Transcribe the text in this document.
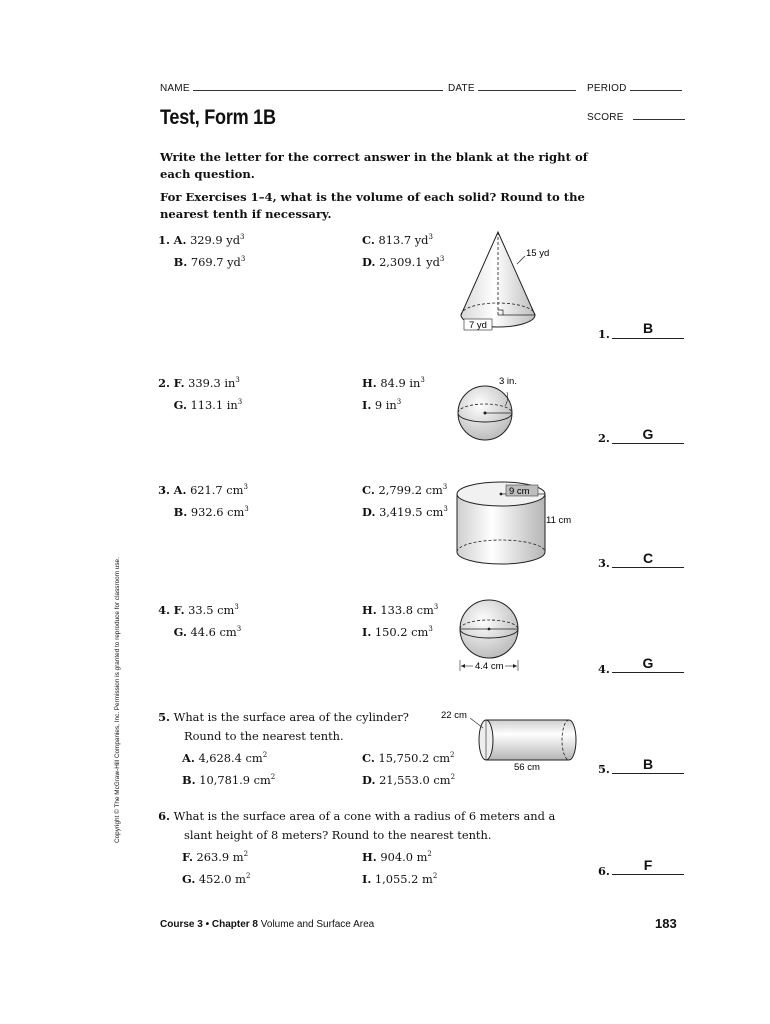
NAME	DATE	PERIOD
Test, Form 1B	SCORE
Write the letter for the correct answer in the blank at the right of
each question.
For Exercises 1–4, what is the volume of each solid? Round to the
nearest tenth if necessary.
1. A. 329.9 $yd^3$
B. 769.7 $yd^3$
C. 813.7 $yd^3$
D. 2,309.1 $yd^3$	15 yd
7 yd
1.	B
2. F. 339.3 $in^3$
G. 113.1 $in^3$
H. 84.9 $in^3$
I. 9 $in^3$
3 in.
2.	G
3. A. 621.7 $cm^3$
B. 932.6 $cm^3$
C. 2,799.2 $cm^3$
D. 3,419.5 $cm^3$
9 cm
11 cm
3.	C
4. F. 33.5 $cm^3$
G. 44.6 $cm^3$
H. 133.8 $cm^3$
I. 150.2 $cm^3$
4.4 cm	4.	G
5. What is the surface area of the cylinder?
Round to the nearest tenth.
A. 4,628.4 $cm^2$
B. 10,781.9 $cm^2$
C. 15,750.2 $cm^2$
D. 21,553.0 $cm^2$
22 cm
56 cm	5.	B
6. What is the surface area of a cone with a radius of 6 meters and a
slant height of 8 meters? Round to the nearest tenth.
F. 263.9 $m^2$
G. 452.0 $m^2$
H. 904.0 $m^2$
I. 1,055.2 $m^2$	6.	F
Copyright © The McGraw-Hill Companies, Inc. Permission is granted to reproduce for classroom use.
Course 3 • Chapter 8 Volume and Surface Area	183
